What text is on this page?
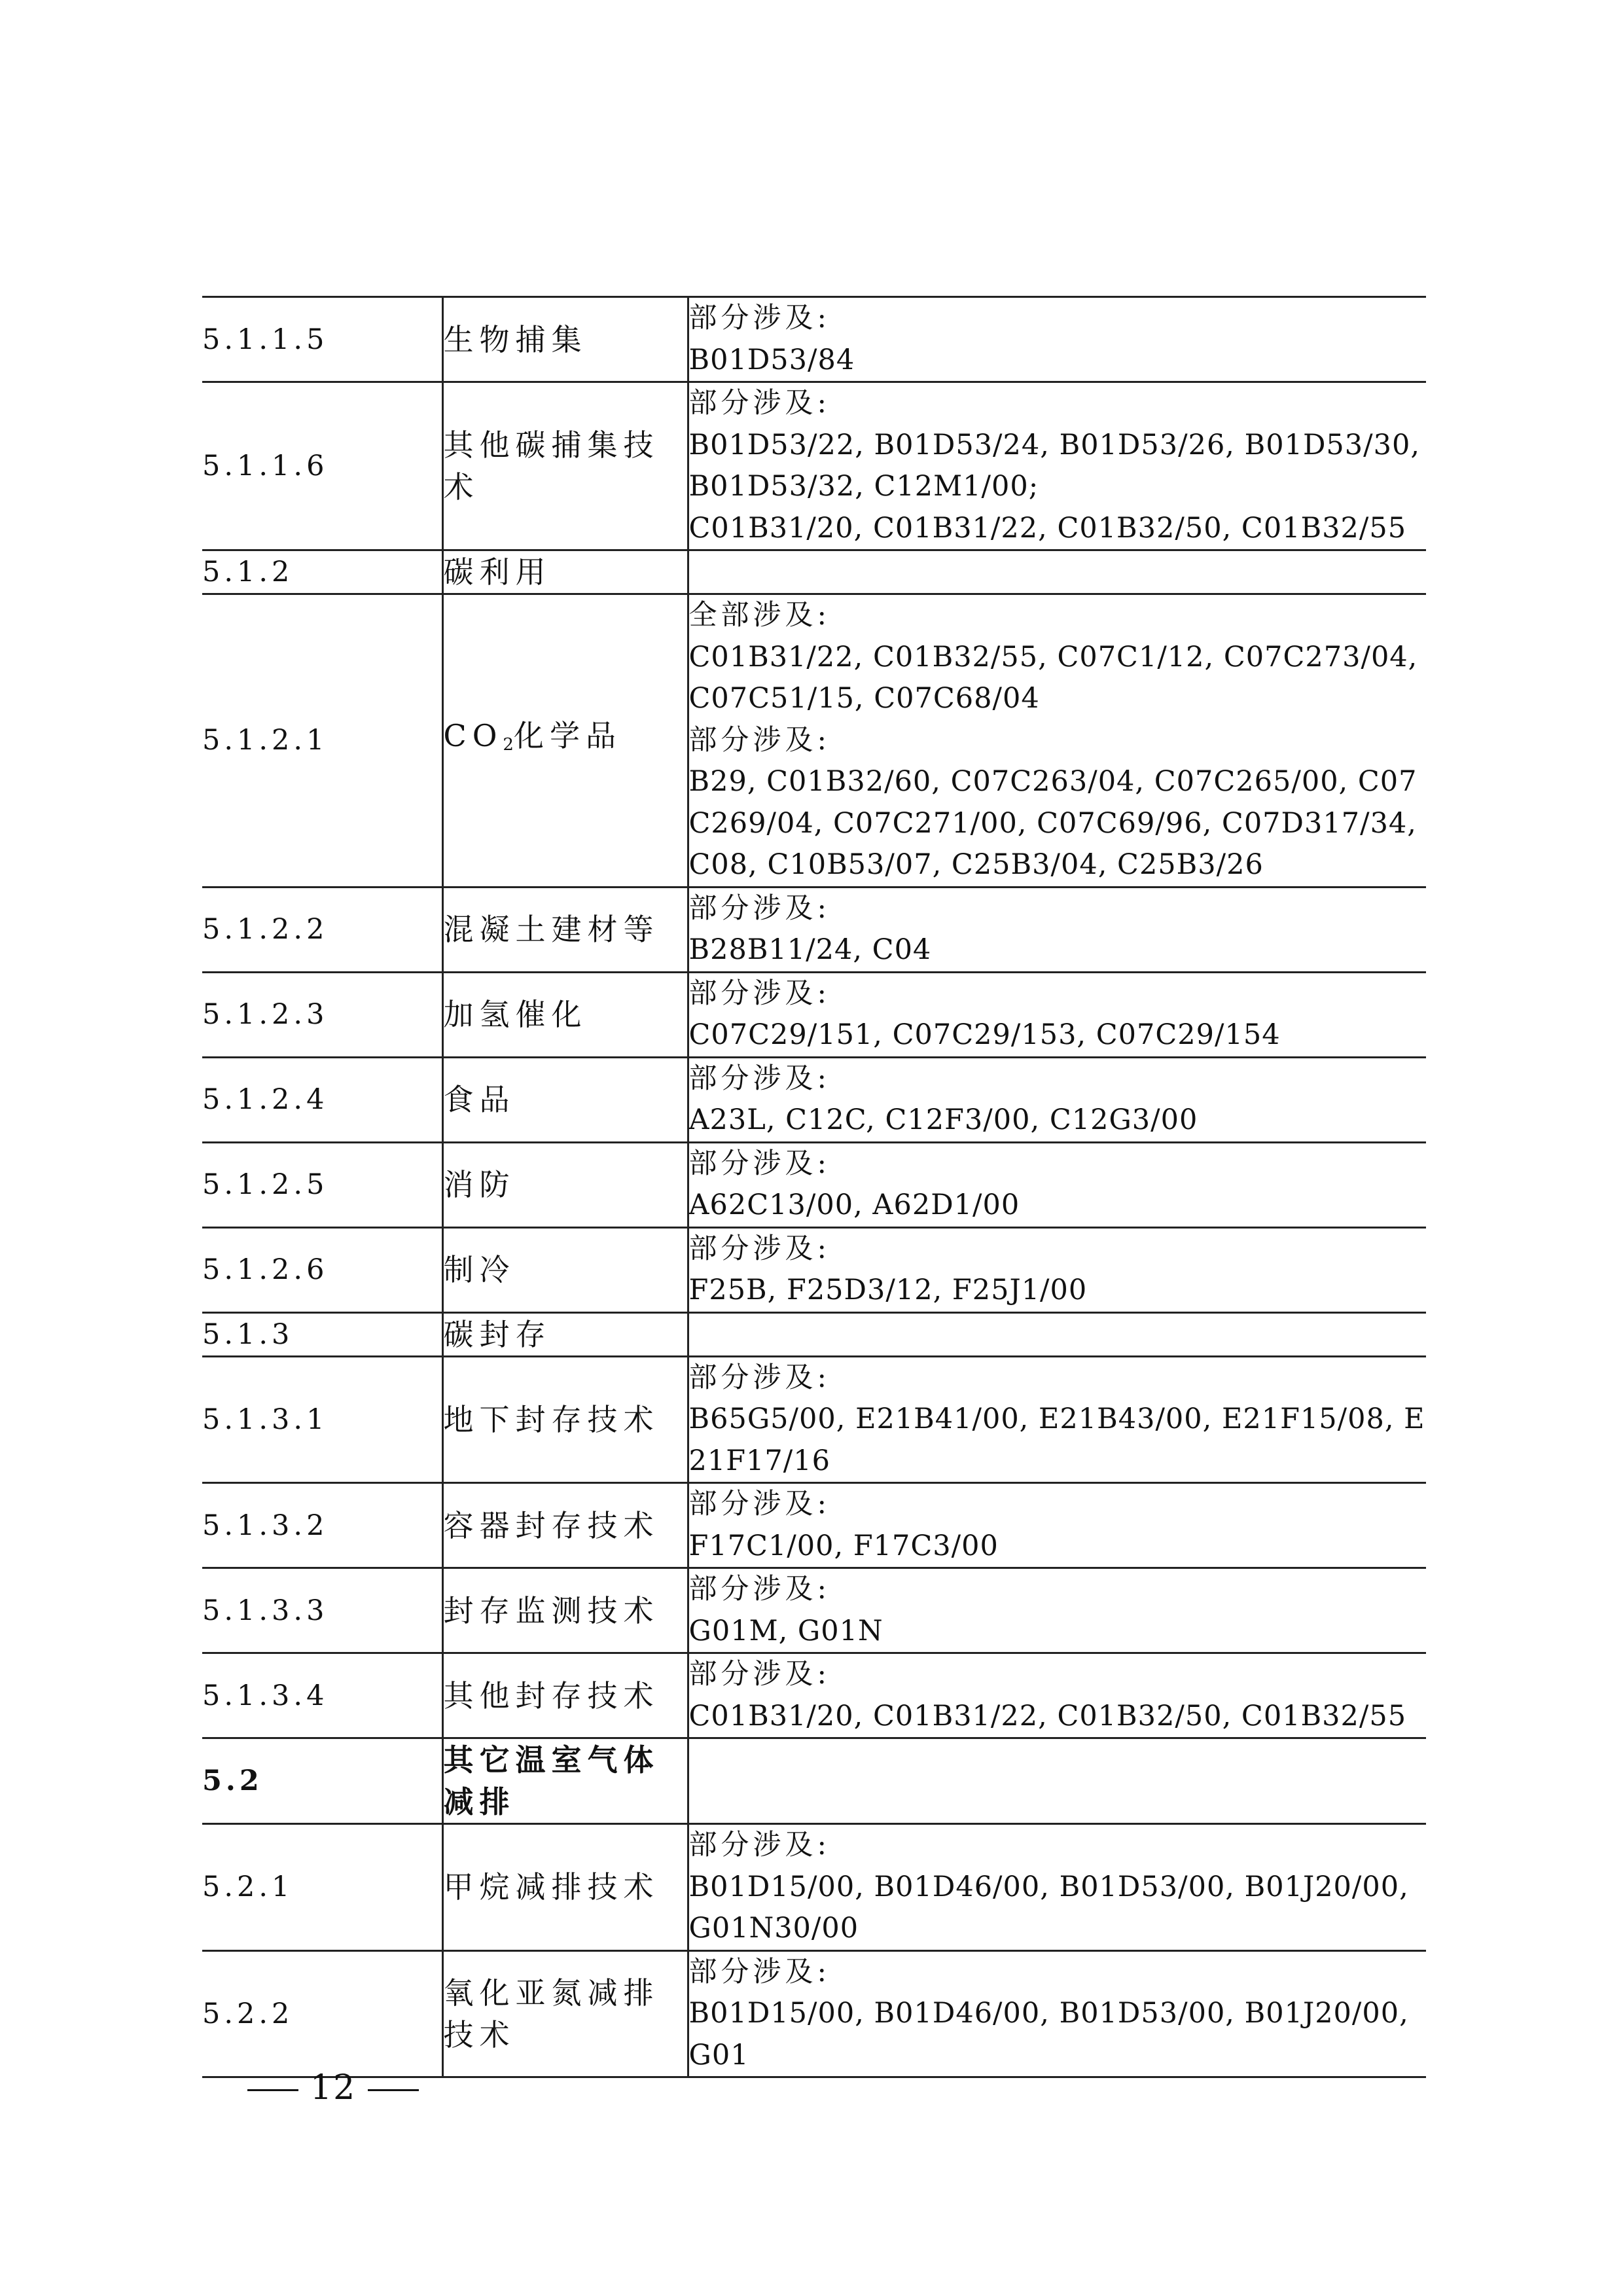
5.1.1.5	生物捕集	部分涉及:
B01D53/84

5.1.1.6	其他碳捕集技术	部分涉及:
B01D53/22, B01D53/24, B01D53/26, B01D53/30, B01D53/32, C12M1/00;
C01B31/20, C01B31/22, C01B32/50, C01B32/55

5.1.2	碳利用	
5.1.2.1	$CO_2$化学品	全部涉及:
C01B31/22, C01B32/55, C07C1/12, C07C273/04, C07C51/15, C07C68/04
部分涉及:
B29, C01B32/60, C07C263/04, C07C265/00, C07C269/04, C07C271/00, C07C69/96, C07D317/34, C08, C10B53/07, C25B3/04, C25B3/26

5.1.2.2	混凝土建材等	部分涉及:
B28B11/24, C04

5.1.2.3	加氢催化	部分涉及:
C07C29/151, C07C29/153, C07C29/154

5.1.2.4	食品	部分涉及:
A23L, C12C, C12F3/00, C12G3/00

5.1.2.5	消防	部分涉及:
A62C13/00, A62D1/00

5.1.2.6	制冷	部分涉及:
F25B, F25D3/12, F25J1/00

5.1.3	碳封存	
5.1.3.1	地下封存技术	部分涉及:
B65G5/00, E21B41/00, E21B43/00, E21F15/08, E21F17/16

5.1.3.2	容器封存技术	部分涉及:
F17C1/00, F17C3/00

5.1.3.3	封存监测技术	部分涉及:
G01M, G01N

5.1.3.4	其他封存技术	部分涉及:
C01B31/20, C01B31/22, C01B32/50, C01B32/55

5.2	其它温室气体减排	
5.2.1	甲烷减排技术	部分涉及:
B01D15/00, B01D46/00, B01D53/00, B01J20/00, G01N30/00

5.2.2	氧化亚氮减排技术	部分涉及:
B01D15/00, B01D46/00, B01D53/00, B01J20/00, G01
12
